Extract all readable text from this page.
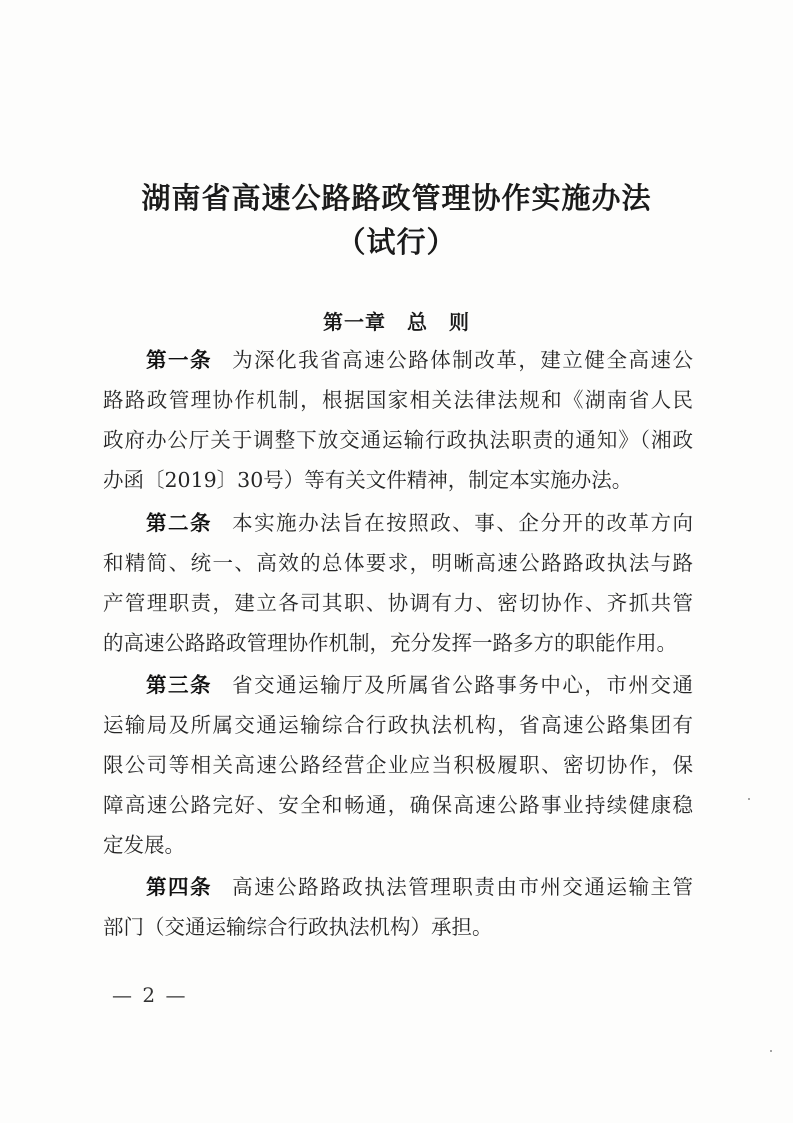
湖南省高速公路路政管理协作实施办法
（试行）
第一章　总　则
第一条 为深化我省高速公路体制改革，建立健全高速公
路路政管理协作机制，根据国家相关法律法规和《湖南省人民
政府办公厅关于调整下放交通运输行政执法职责的通知》（湘政
办函〔2019〕30号）等有关文件精神，制定本实施办法。
第二条 本实施办法旨在按照政、事、企分开的改革方向
和精简、统一、高效的总体要求，明晰高速公路路政执法与路
产管理职责，建立各司其职、协调有力、密切协作、齐抓共管
的高速公路路政管理协作机制，充分发挥一路多方的职能作用。
第三条 省交通运输厅及所属省公路事务中心，市州交通
运输局及所属交通运输综合行政执法机构，省高速公路集团有
限公司等相关高速公路经营企业应当积极履职、密切协作，保
障高速公路完好、安全和畅通，确保高速公路事业持续健康稳
定发展。
第四条 高速公路路政执法管理职责由市州交通运输主管
部门（交通运输综合行政执法机构）承担。
— 2 —
